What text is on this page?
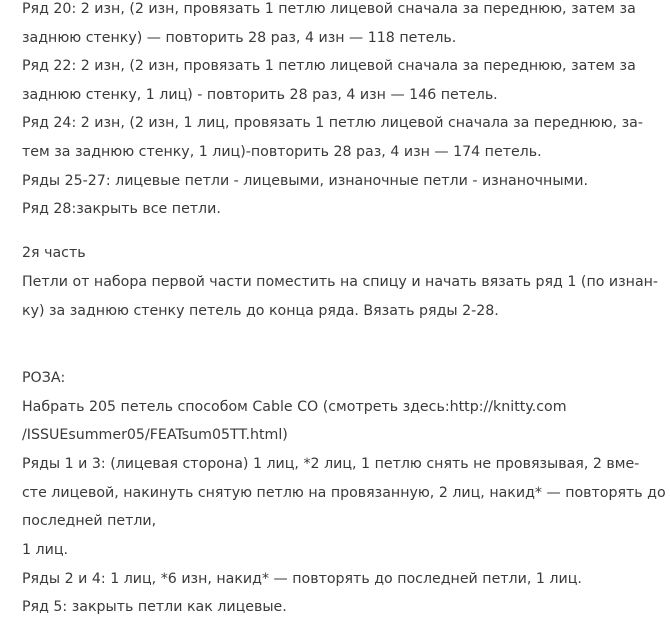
Ряд 20: 2 изн, (2 изн, провязать 1 петлю лицевой сначала за переднюю, затем за
заднюю стенку) — повторить 28 раз, 4 изн — 118 петель.
Ряд 22: 2 изн, (2 изн, провязать 1 петлю лицевой сначала за переднюю, затем за
заднюю стенку, 1 лиц) - повторить 28 раз, 4 изн — 146 петель.
Ряд 24: 2 изн, (2 изн, 1 лиц, провязать 1 петлю лицевой сначала за переднюю, за-
тем за заднюю стенку, 1 лиц)-повторить 28 раз, 4 изн — 174 петель.
Ряды 25-27: лицевые петли - лицевыми, изнаночные петли - изнаночными.
Ряд 28:закрыть все петли.
2я часть
Петли от набора первой части поместить на спицу и начать вязать ряд 1 (по изнан-
ку) за заднюю стенку петель до конца ряда. Вязать ряды 2-28.
РОЗА:
Набрать 205 петель способом Cable CO (смотреть здесь:http://knitty.com
/ISSUEsummer05/FEATsum05TT.html)
Ряды 1 и 3: (лицевая сторона) 1 лиц, *2 лиц, 1 петлю снять не провязывая, 2 вме-
сте лицевой, накинуть снятую петлю на провязанную, 2 лиц, накид* — повторять до
последней петли,
1 лиц.
Ряды 2 и 4: 1 лиц, *6 изн, накид* — повторять до последней петли, 1 лиц.
Ряд 5: закрыть петли как лицевые.
